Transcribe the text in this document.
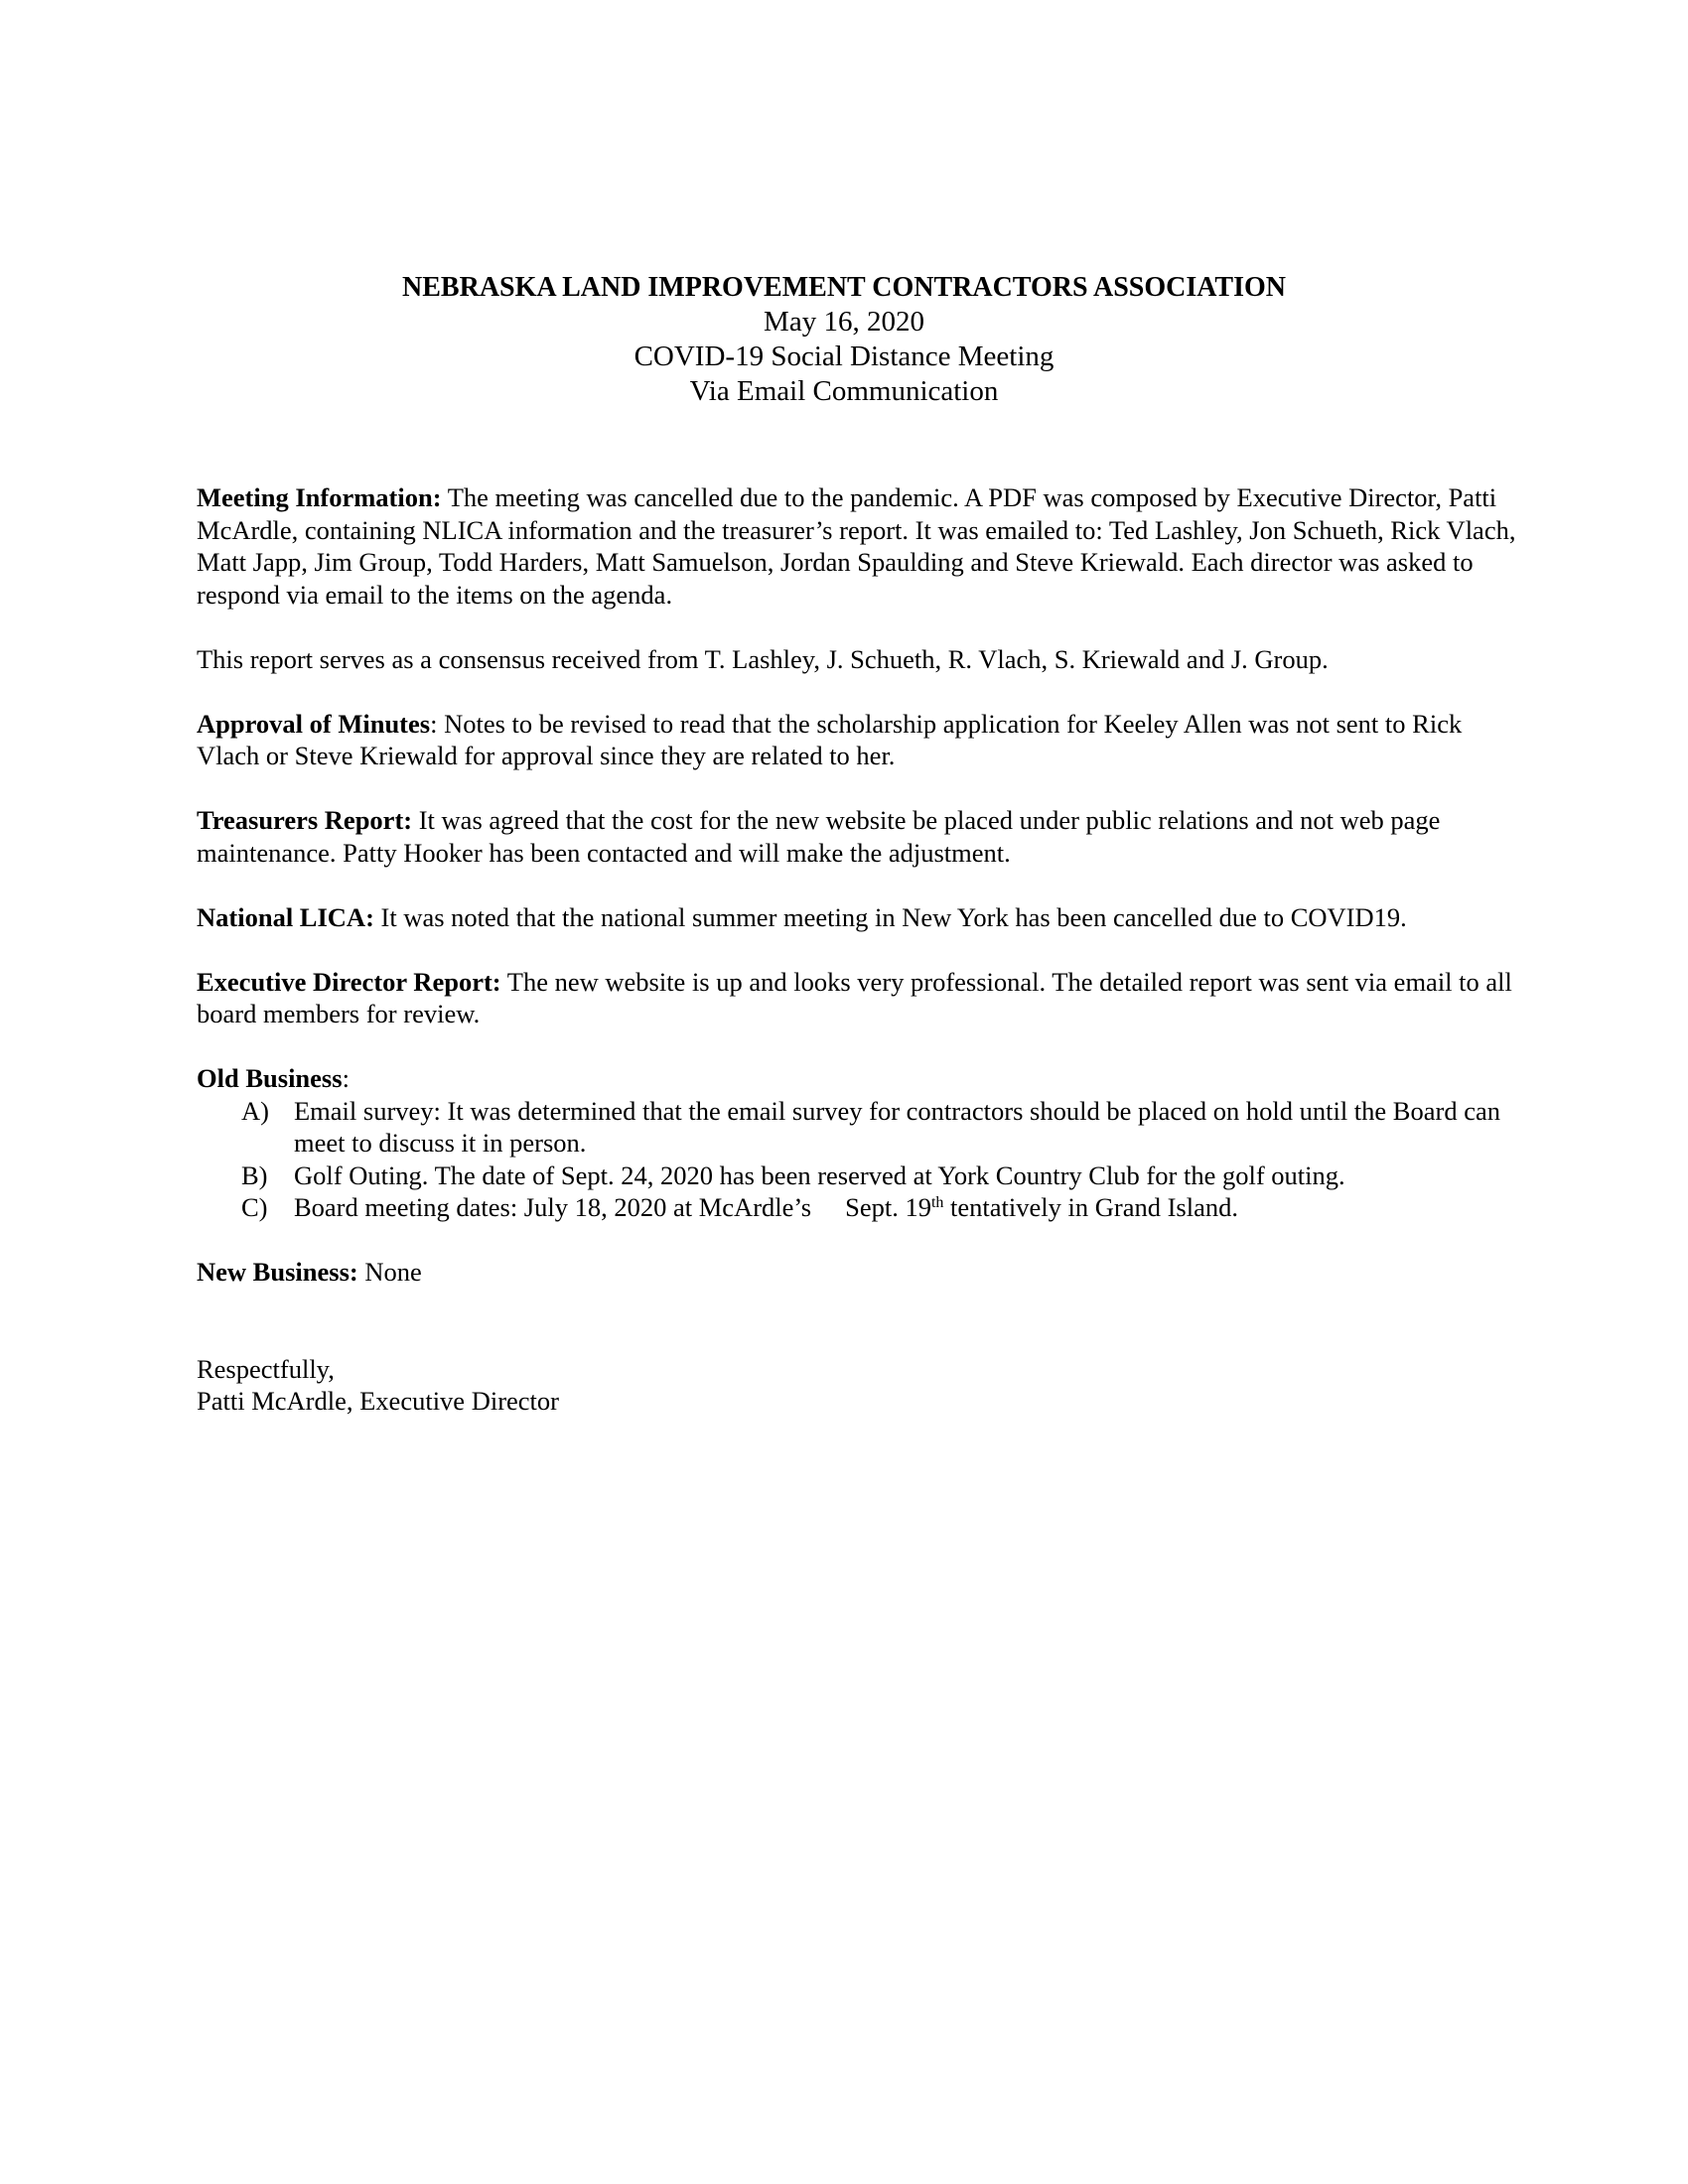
NEBRASKA LAND IMPROVEMENT CONTRACTORS ASSOCIATION
May 16, 2020
COVID-19 Social Distance Meeting
Via Email Communication

Meeting Information: The meeting was cancelled due to the pandemic. A PDF was composed by Executive Director, Patti McArdle, containing NLICA information and the treasurer’s report. It was emailed to: Ted Lashley, Jon Schueth, Rick Vlach, Matt Japp, Jim Group, Todd Harders, Matt Samuelson, Jordan Spaulding and Steve Kriewald. Each director was asked to respond via email to the items on the agenda.

This report serves as a consensus received from T. Lashley, J. Schueth, R. Vlach, S. Kriewald and J. Group.

Approval of Minutes: Notes to be revised to read that the scholarship application for Keeley Allen was not sent to Rick Vlach or Steve Kriewald for approval since they are related to her.

Treasurers Report: It was agreed that the cost for the new website be placed under public relations and not web page maintenance. Patty Hooker has been contacted and will make the adjustment.

National LICA: It was noted that the national summer meeting in New York has been cancelled due to COVID19.

Executive Director Report: The new website is up and looks very professional. The detailed report was sent via email to all board members for review.

Old Business:

A) Email survey: It was determined that the email survey for contractors should be placed on hold until the Board can meet to discuss it in person.
B) Golf Outing. The date of Sept. 24, 2020 has been reserved at York Country Club for the golf outing.
C) Board meeting dates: July 18, 2020 at McArdle’s Sept. 19th tentatively in Grand Island.

New Business: None

Respectfully,
Patti McArdle, Executive Director
